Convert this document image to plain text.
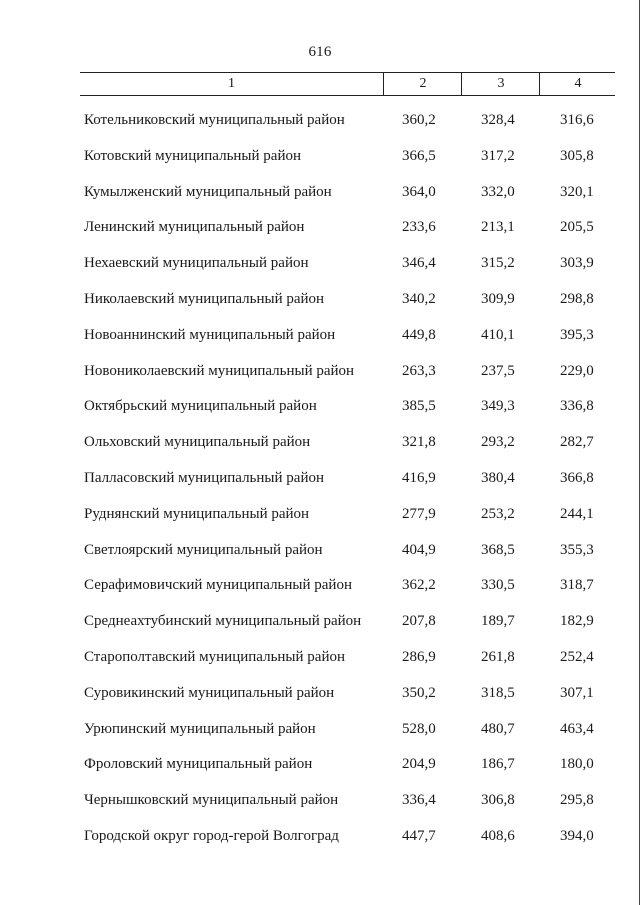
616
1	2	3	4
Котельниковский муниципальный район	360,2	328,4	316,6
Котовский муниципальный район	366,5	317,2	305,8
Кумылженский муниципальный район	364,0	332,0	320,1
Ленинский муниципальный район	233,6	213,1	205,5
Нехаевский муниципальный район	346,4	315,2	303,9
Николаевский муниципальный район	340,2	309,9	298,8
Новоаннинский муниципальный район	449,8	410,1	395,3
Новониколаевский муниципальный район	263,3	237,5	229,0
Октябрьский муниципальный район	385,5	349,3	336,8
Ольховский муниципальный район	321,8	293,2	282,7
Палласовский муниципальный район	416,9	380,4	366,8
Руднянский муниципальный район	277,9	253,2	244,1
Светлоярский муниципальный район	404,9	368,5	355,3
Серафимовичский муниципальный район	362,2	330,5	318,7
Среднеахтубинский муниципальный район	207,8	189,7	182,9
Старополтавский муниципальный район	286,9	261,8	252,4
Суровикинский муниципальный район	350,2	318,5	307,1
Урюпинский муниципальный район	528,0	480,7	463,4
Фроловский муниципальный район	204,9	186,7	180,0
Чернышковский муниципальный район	336,4	306,8	295,8
Городской округ город-герой Волгоград	447,7	408,6	394,0
